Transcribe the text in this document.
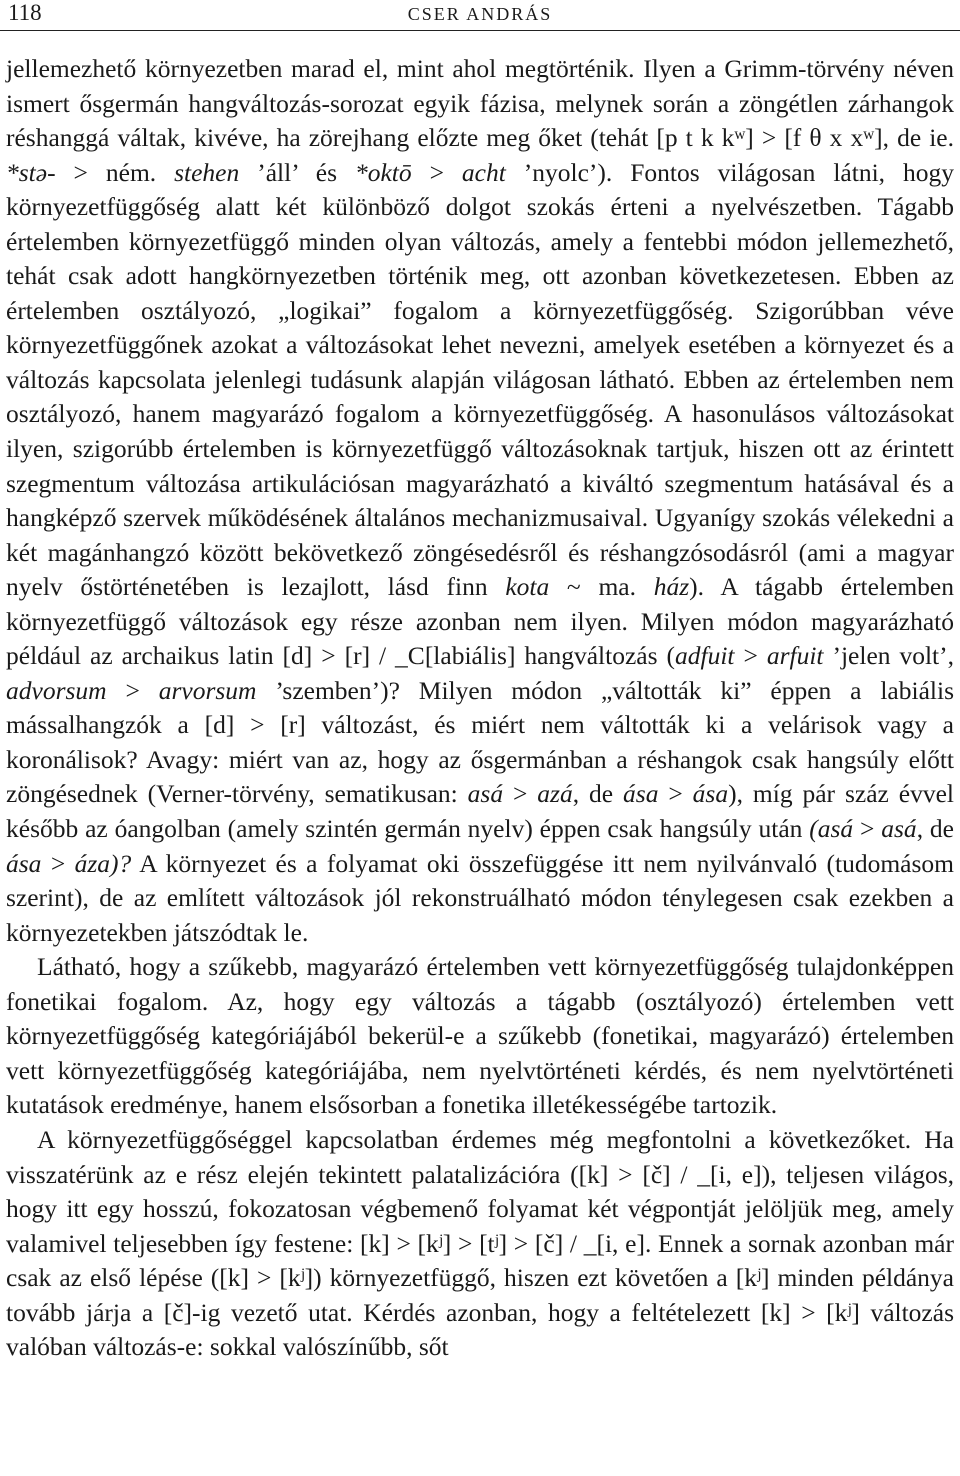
118	CSER ANDRÁS

jellemezhető környezetben marad el, mint ahol megtörténik. Ilyen a Grimm-törvény néven ismert ősgermán hangváltozás-sorozat egyik fázisa, melynek során a zöngétlen zárhangok réshanggá váltak, kivéve, ha zörejhang előzte meg őket (tehát [p t k kʷ] > [f θ x xʷ], de ie. *stə- > ném. stehen ’áll’ és *oktō > acht ’nyolc’). Fontos világosan látni, hogy környezetfüggőség alatt két különböző dolgot szokás érteni a nyelvészetben. Tágabb értelemben környezetfüggő minden olyan változás, amely a fentebbi módon jellemezhető, tehát csak adott hangkörnyezetben történik meg, ott azonban következetesen. Ebben az értelemben osztályozó, „logikai” fogalom a környezetfüggőség. Szigorúbban véve környezetfüggőnek azokat a változásokat lehet nevezni, amelyek esetében a környezet és a változás kapcsolata jelenlegi tudásunk alapján világosan látható. Ebben az értelemben nem osztályozó, hanem magyarázó fogalom a környezetfüggőség. A hasonulásos változásokat ilyen, szigorúbb értelemben is környezetfüggő változásoknak tartjuk, hiszen ott az érintett szegmentum változása artikulációsan magyarázható a kiváltó szegmentum hatásával és a hangképző szervek működésének általános mechanizmusaival. Ugyanígy szokás vélekedni a két magánhangzó között bekövetkező zöngésedésről és réshangzósodásról (ami a magyar nyelv őstörténetében is lezajlott, lásd finn kota ~ ma. ház). A tágabb értelemben környezetfüggő változások egy része azonban nem ilyen. Milyen módon magyarázható például az archaikus latin [d] > [r] / _C[labiális] hangváltozás (adfuit > arfuit ’jelen volt’, advorsum > arvorsum ’szemben’)? Milyen módon „váltották ki” éppen a labiális mássalhangzók a [d] > [r] változást, és miért nem váltották ki a velárisok vagy a koronálisok? Avagy: miért van az, hogy az ősgermánban a réshangok csak hangsúly előtt zöngésednek (Verner-törvény, sematikusan: asá > azá, de ása > ása), míg pár száz évvel később az óangolban (amely szintén germán nyelv) éppen csak hangsúly után (asá > asá, de ása > áza)? A környezet és a folyamat oki összefüggése itt nem nyilvánvaló (tudomásom szerint), de az említett változások jól rekonstruálható módon ténylegesen csak ezekben a környezetekben játszódtak le.

Látható, hogy a szűkebb, magyarázó értelemben vett környezetfüggőség tulajdonképpen fonetikai fogalom. Az, hogy egy változás a tágabb (osztályozó) értelemben vett környezetfüggőség kategóriájából bekerül-e a szűkebb (fonetikai, magyarázó) értelemben vett környezetfüggőség kategóriájába, nem nyelvtörténeti kérdés, és nem nyelvtörténeti kutatások eredménye, hanem elsősorban a fonetika illetékességébe tartozik.

A környezetfüggőséggel kapcsolatban érdemes még megfontolni a következőket. Ha visszatérünk az e rész elején tekintett palatalizációra ([k] > [č] / _[i, e]), teljesen világos, hogy itt egy hosszú, fokozatosan végbemenő folyamat két végpontját jelöljük meg, amely valamivel teljesebben így festene: [k] > [kʲ] > [tʲ] > [č] / _[i, e]. Ennek a sornak azonban már csak az első lépése ([k] > [kʲ]) környezetfüggő, hiszen ezt követően a [kʲ] minden példánya tovább járja a [č]-ig vezető utat. Kérdés azonban, hogy a feltételezett [k] > [kʲ] változás valóban változás-e: sokkal valószínűbb, sőt
